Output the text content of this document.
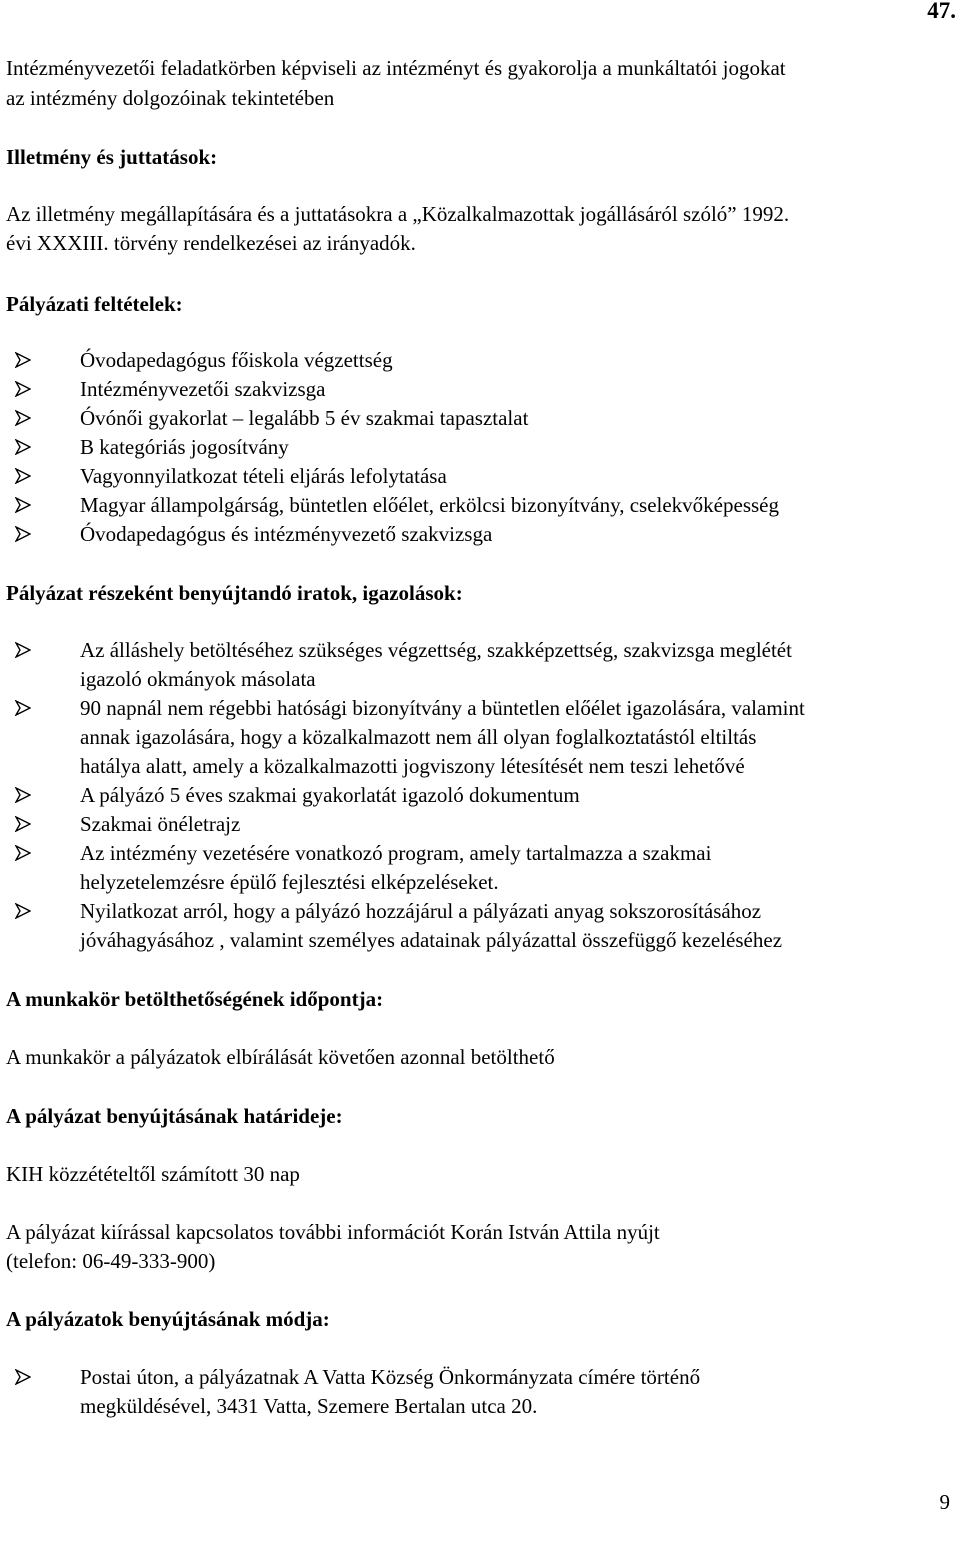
47.
Intézményvezetői feladatkörben képviseli az intézményt és gyakorolja a munkáltatói jogokat
az intézmény dolgozóinak tekintetében
Illetmény és juttatások:
Az illetmény megállapítására és a juttatásokra a „Közalkalmazottak jogállásáról szóló” 1992.
évi XXXIII. törvény rendelkezései az irányadók.
Pályázati feltételek:
Óvodapedagógus főiskola végzettség
Intézményvezetői szakvizsga
Óvónői gyakorlat – legalább 5 év szakmai tapasztalat
B kategóriás jogosítvány
Vagyonnyilatkozat tételi eljárás lefolytatása
Magyar állampolgárság, büntetlen előélet, erkölcsi bizonyítvány, cselekvőképesség
Óvodapedagógus és intézményvezető szakvizsga
Pályázat részeként benyújtandó iratok, igazolások:
Az álláshely betöltéséhez szükséges végzettség, szakképzettség, szakvizsga meglétét
igazoló okmányok másolata
90 napnál nem régebbi hatósági bizonyítvány a büntetlen előélet igazolására, valamint
annak igazolására, hogy a közalkalmazott nem áll olyan foglalkoztatástól eltiltás
hatálya alatt, amely a közalkalmazotti jogviszony létesítését nem teszi lehetővé
A pályázó 5 éves szakmai gyakorlatát igazoló dokumentum
Szakmai önéletrajz
Az intézmény vezetésére vonatkozó program, amely tartalmazza a szakmai
helyzetelemzésre épülő fejlesztési elképzeléseket.
Nyilatkozat arról, hogy a pályázó hozzájárul a pályázati anyag sokszorosításához
jóváhagyásához , valamint személyes adatainak pályázattal összefüggő kezeléséhez
A munkakör betölthetőségének időpontja:
A munkakör a pályázatok elbírálását követően azonnal betölthető
A pályázat benyújtásának határideje:
KIH közzétételtől számított 30 nap
A pályázat kiírással kapcsolatos további információt Korán István Attila nyújt
(telefon: 06-49-333-900)
A pályázatok benyújtásának módja:
Postai úton, a pályázatnak A Vatta Község Önkormányzata címére történő
megküldésével, 3431 Vatta, Szemere Bertalan utca 20.
9
